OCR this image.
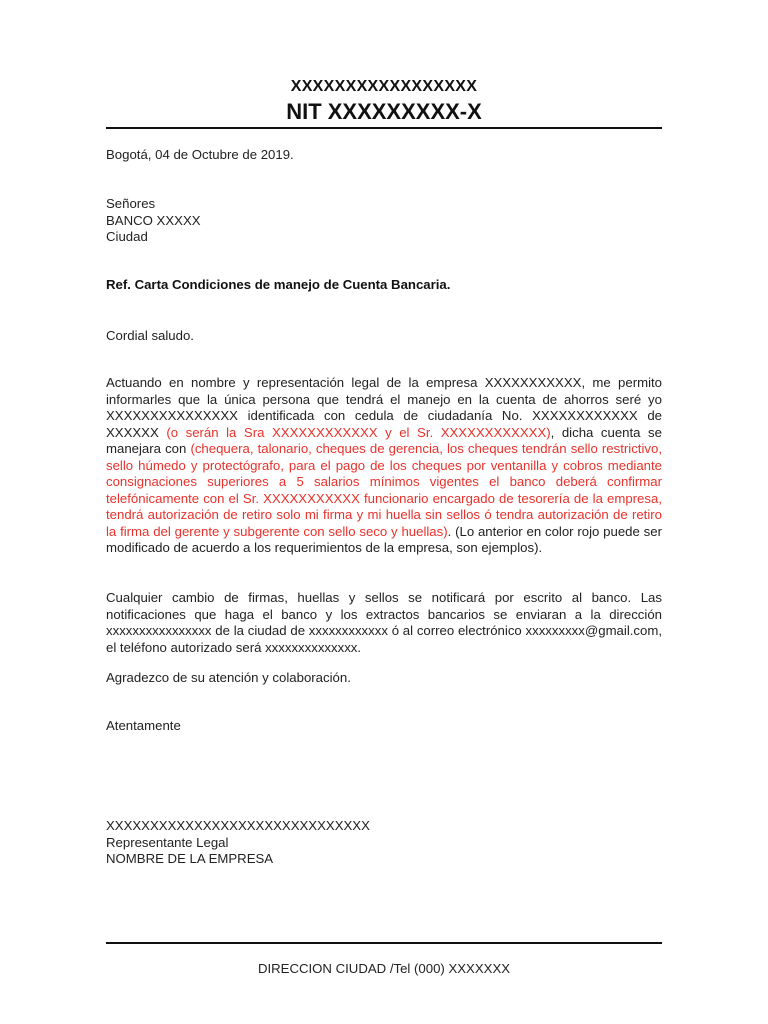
XXXXXXXXXXXXXXXXX
NIT XXXXXXXXX-X
Bogotá, 04 de Octubre de 2019.
Señores
BANCO XXXXX
Ciudad
Ref. Carta Condiciones de manejo de Cuenta Bancaria.
Cordial saludo.
Actuando en nombre y representación legal de la empresa XXXXXXXXXXX, me permito informarles que la única persona que tendrá el manejo en la cuenta de ahorros seré yo XXXXXXXXXXXXXXX identificada con cedula de ciudadanía No. XXXXXXXXXXXX de XXXXXX (o serán la Sra XXXXXXXXXXXX y el Sr. XXXXXXXXXXXX), dicha cuenta se manejara con (chequera, talonario, cheques de gerencia, los cheques tendrán sello restrictivo, sello húmedo y protectógrafo, para el pago de los cheques por ventanilla y cobros mediante consignaciones superiores a 5 salarios mínimos vigentes el banco deberá confirmar telefónicamente con el Sr. XXXXXXXXXXX funcionario encargado de tesorería de la empresa, tendrá autorización de retiro solo mi firma y mi huella sin sellos ó tendra autorización de retiro la firma del gerente y subgerente con sello seco y huellas). (Lo anterior en color rojo puede ser modificado de acuerdo a los requerimientos de la empresa, son ejemplos).
Cualquier cambio de firmas, huellas y sellos se notificará por escrito al banco. Las notificaciones que haga el banco y los extractos bancarios se enviaran a la dirección xxxxxxxxxxxxxxxx de la ciudad de xxxxxxxxxxxx ó al correo electrónico xxxxxxxxx@gmail.com, el teléfono autorizado será xxxxxxxxxxxxxx.
Agradezco de su atención y colaboración.
Atentamente
XXXXXXXXXXXXXXXXXXXXXXXXXXXXXX
Representante Legal
NOMBRE DE LA EMPRESA
DIRECCION CIUDAD /Tel (000) XXXXXXX
